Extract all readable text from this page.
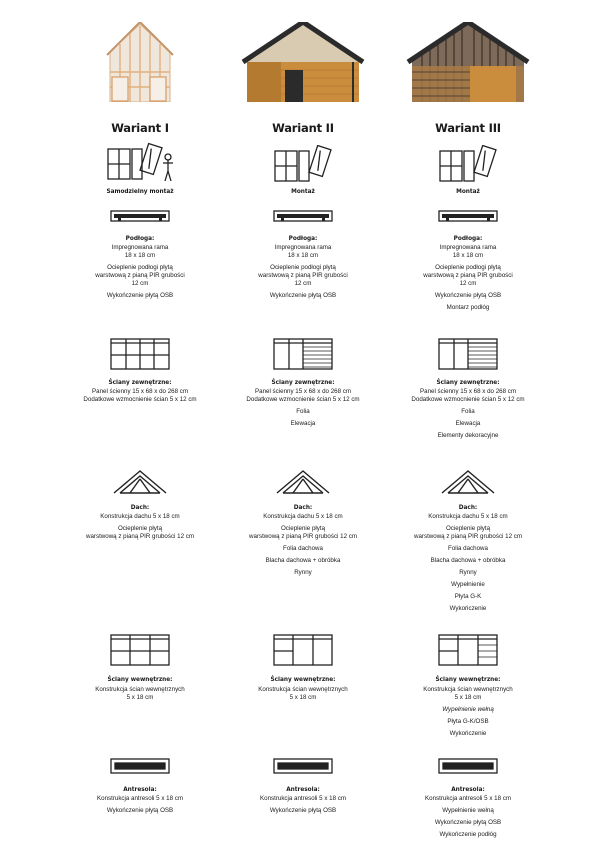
Wariant I
Samodzielny montaż
Podłoga:
Impregnowana rama
18 x 18 cm
Ocieplenie podłogi płytą
warstwową z pianą PIR grubości
12 cm
Wykończenie płytą OSB
Ściany zewnętrzne:
Panel ścienny 15 x 68 x do 268 cm
Dodatkowe wzmocnienie ścian 5 x 12 cm
Dach:
Konstrukcja dachu 5 x 18 cm
Ocieplenie płytą
warstwową z pianą PIR grubości 12 cm
Ściany wewnętrzne:
Konstrukcja ścian wewnętrznych
5 x 18 cm
Antresola:
Konstrukcja antresoli 5 x 18 cm
Wykończenie płytą OSB
Wariant II
Montaż
Podłoga:
Impregnowana rama
18 x 18 cm
Ocieplenie podłogi płytą
warstwową z pianą PIR grubości
12 cm
Wykończenie płytą OSB
Ściany zewnętrzne:
Panel ścienny 15 x 68 x do 268 cm
Dodatkowe wzmocnienie ścian 5 x 12 cm
Folia
Elewacja
Dach:
Konstrukcja dachu 5 x 18 cm
Ocieplenie płytą
warstwową z pianą PIR grubości 12 cm
Folia dachowa
Blacha dachowa + obróbka
Rynny
Ściany wewnętrzne:
Konstrukcja ścian wewnętrznych
5 x 18 cm
Antresola:
Konstrukcja antresoli 5 x 18 cm
Wykończenie płytą OSB
Wariant III
Montaż
Podłoga:
Impregnowana rama
18 x 18 cm
Ocieplenie podłogi płytą
warstwową z pianą PIR grubości
12 cm
Wykończenie płytą OSB
Montarz podłóg
Ściany zewnętrzne:
Panel ścienny 15 x 68 x do 268 cm
Dodatkowe wzmocnienie ścian 5 x 12 cm
Folia
Elewacja
Elementy dekoracyjne
Dach:
Konstrukcja dachu 5 x 18 cm
Ocieplenie płytą
warstwową z pianą PIR grubości 12 cm
Folia dachowa
Blacha dachowa + obróbka
Rynny
Wypełnienie
Płyta G-K
Wykończenie
Ściany wewnętrzne:
Konstrukcja ścian wewnętrznych
5 x 18 cm
Wypełnienie wełną
Płyta G-K/OSB
Wykończenie
Antresola:
Konstrukcja antresoli 5 x 18 cm
Wypełnienie wełną
Wykończenie płytą OSB
Wykończenie podłóg
